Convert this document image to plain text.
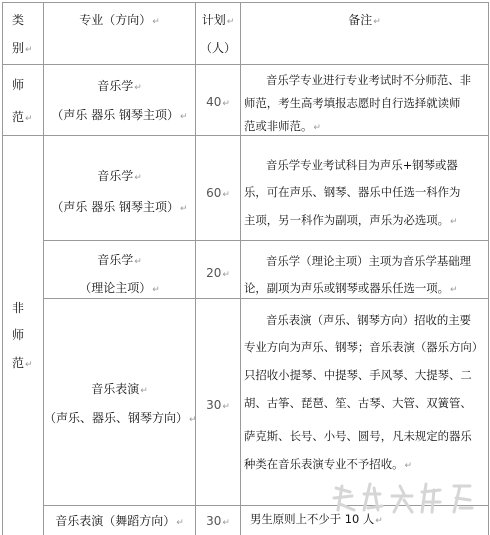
类
别↵
专业（方向）↵	计划↵
（人）
备注↵
师
范↵
非
师
范↵
音乐学↵
（声乐 器乐 钢琴主项）↵
40↵
音乐学↵
（声乐 器乐 钢琴主项）↵
60↵
音乐学↵
（理论主项）↵
20↵
音乐表演↵
（声乐、器乐、钢琴方向）↵
30↵
音乐表演（舞蹈方向）↵	30↵
音乐学专业进行专业考试时不分师范、非
师范，考生高考填报志愿时自行选择就读师
范或非师范。↵
音乐学专业考试科目为声乐+钢琴或器
乐，可在声乐、钢琴、器乐中任选一科作为
主项，另一科作为副项，声乐为必选项。↵
音乐学（理论主项）主项为音乐学基础理
论，副项为声乐或钢琴或器乐任选一项。↵
音乐表演（声乐、钢琴方向）招收的主要
专业方向为声乐、钢琴；音乐表演（器乐方向）
只招收小提琴、中提琴、手风琴、大提琴、二
胡、古筝、琵琶、笙、古琴、大管、双簧管、
萨克斯、长号、小号、圆号，凡未规定的器乐
种类在音乐表演专业不予招收。↵
男生原则上不少于 10 人↵
